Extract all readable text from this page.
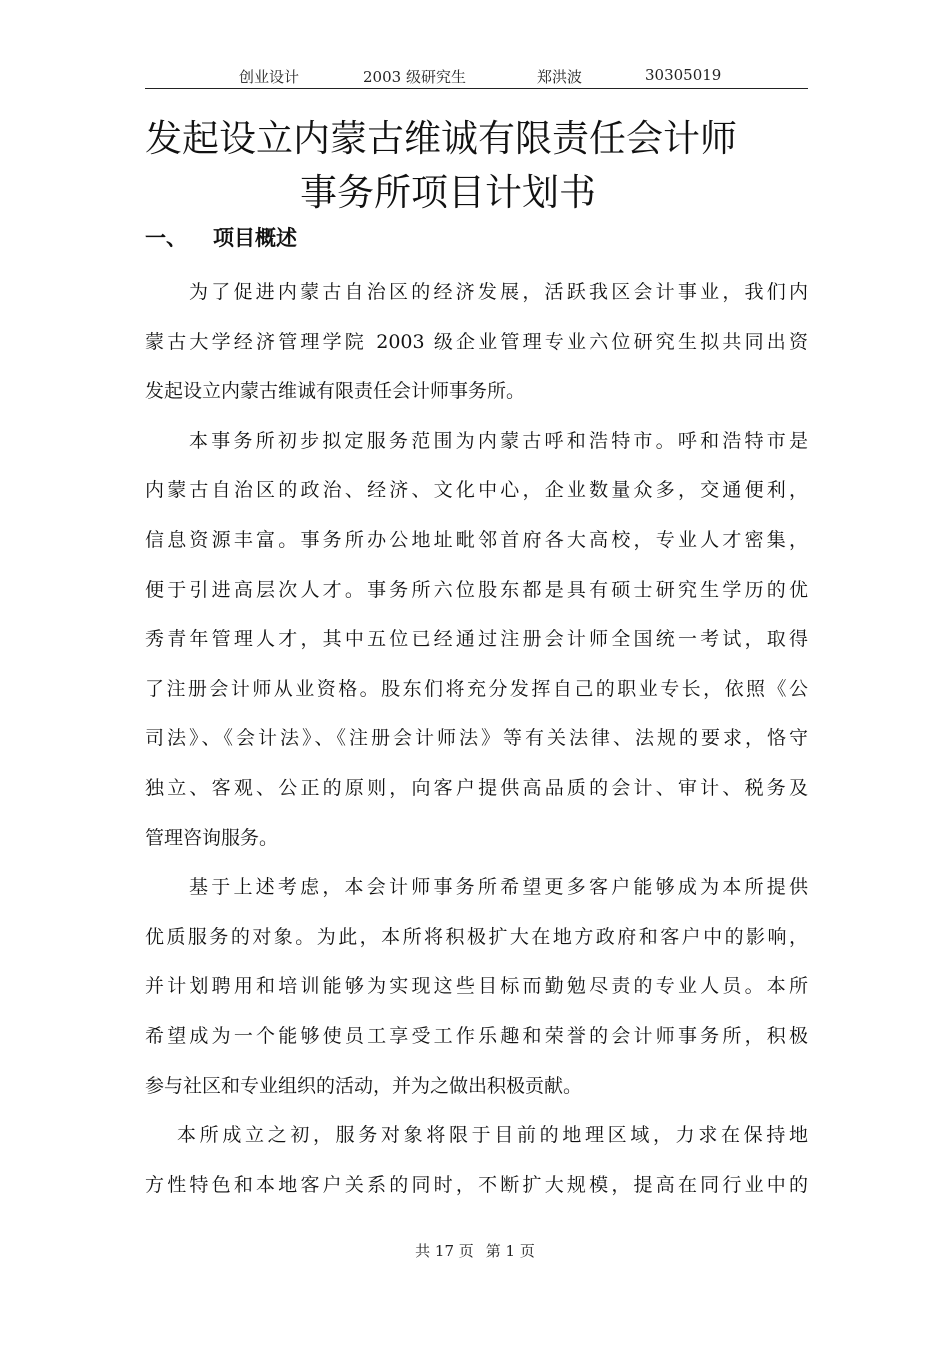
创业设计	2003 级研究生	郑洪波	30305019
发起设立内蒙古维诚有限责任会计师
事务所项目计划书
一、 项目概述

为了促进内蒙古自治区的经济发展，活跃我区会计事业，我们内
蒙古大学经济管理学院 2003 级企业管理专业六位研究生拟共同出资
发起设立内蒙古维诚有限责任会计师事务所。

本事务所初步拟定服务范围为内蒙古呼和浩特市。呼和浩特市是
内蒙古自治区的政治、经济、文化中心，企业数量众多，交通便利，
信息资源丰富。事务所办公地址毗邻首府各大高校，专业人才密集，
便于引进高层次人才。事务所六位股东都是具有硕士研究生学历的优
秀青年管理人才，其中五位已经通过注册会计师全国统一考试，取得
了注册会计师从业资格。股东们将充分发挥自己的职业专长，依照《公
司法》、《会计法》、《注册会计师法》等有关法律、法规的要求，恪守
独立、客观、公正的原则，向客户提供高品质的会计、审计、税务及
管理咨询服务。

基于上述考虑，本会计师事务所希望更多客户能够成为本所提供
优质服务的对象。为此，本所将积极扩大在地方政府和客户中的影响，
并计划聘用和培训能够为实现这些目标而勤勉尽责的专业人员。本所
希望成为一个能够使员工享受工作乐趣和荣誉的会计师事务所，积极
参与社区和专业组织的活动，并为之做出积极贡献。

本所成立之初，服务对象将限于目前的地理区域，力求在保持地
方性特色和本地客户关系的同时，不断扩大规模，提高在同行业中的

共 17 页 第 1 页
